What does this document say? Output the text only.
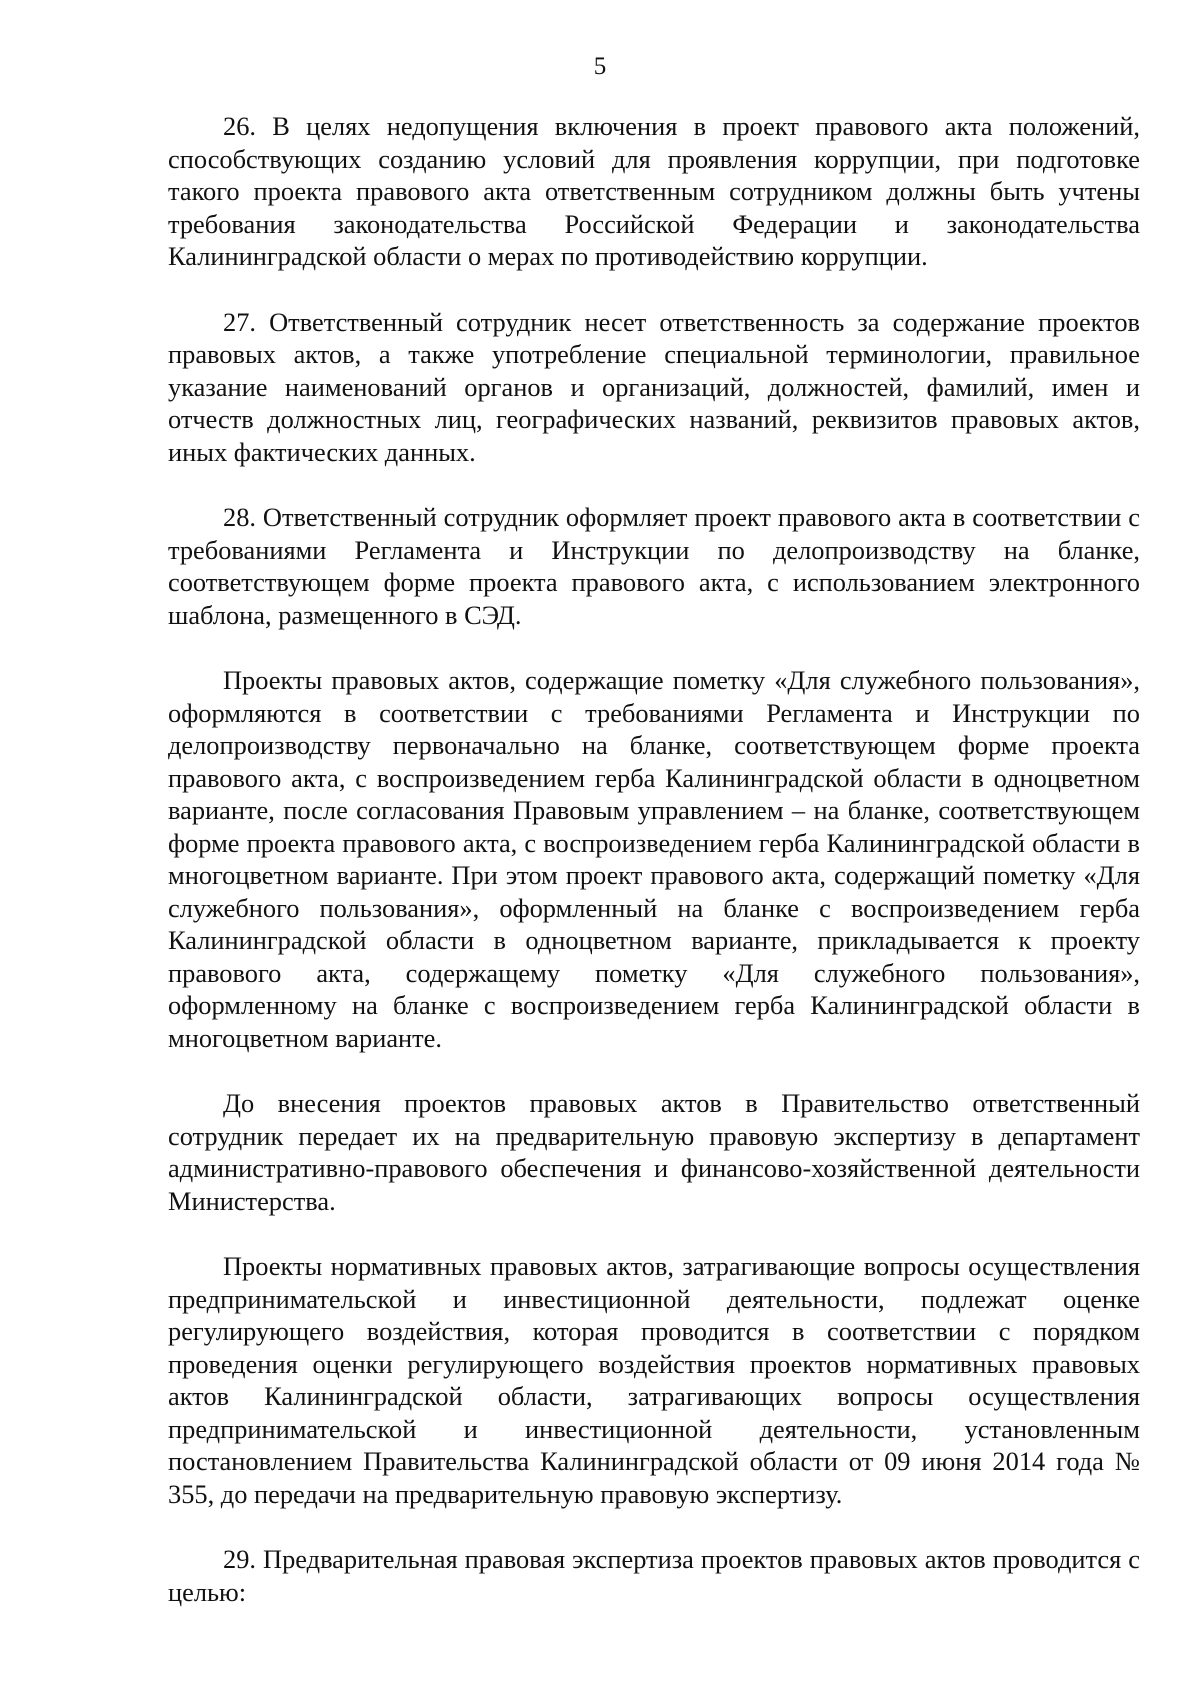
5

26. В целях недопущения включения в проект правового акта положений, способствующих созданию условий для проявления коррупции, при подготовке такого проекта правового акта ответственным сотрудником должны быть учтены требования законодательства Российской Федерации и законодательства Калининградской области о мерах по противодействию коррупции.

27. Ответственный сотрудник несет ответственность за содержание проектов правовых актов, а также употребление специальной терминологии, правильное указание наименований органов и организаций, должностей, фамилий, имен и отчеств должностных лиц, географических названий, реквизитов правовых актов, иных фактических данных.

28. Ответственный сотрудник оформляет проект правового акта в соответствии с требованиями Регламента и Инструкции по делопроизводству на бланке, соответствующем форме проекта правового акта, с использованием электронного шаблона, размещенного в СЭД.

Проекты правовых актов, содержащие пометку «Для служебного пользования», оформляются в соответствии с требованиями Регламента и Инструкции по делопроизводству первоначально на бланке, соответствующем форме проекта правового акта, с воспроизведением герба Калининградской области в одноцветном варианте, после согласования Правовым управлением – на бланке, соответствующем форме проекта правового акта, с воспроизведением герба Калининградской области в многоцветном варианте. При этом проект правового акта, содержащий пометку «Для служебного пользования», оформленный на бланке с воспроизведением герба Калининградской области в одноцветном варианте, прикладывается к проекту правового акта, содержащему пометку «Для служебного пользования», оформленному на бланке с воспроизведением герба Калининградской области в многоцветном варианте.

До внесения проектов правовых актов в Правительство ответственный сотрудник передает их на предварительную правовую экспертизу в департамент административно-правового обеспечения и финансово-хозяйственной деятельности Министерства.

Проекты нормативных правовых актов, затрагивающие вопросы осуществления предпринимательской и инвестиционной деятельности, подлежат оценке регулирующего воздействия, которая проводится в соответствии с порядком проведения оценки регулирующего воздействия проектов нормативных правовых актов Калининградской области, затрагивающих вопросы осуществления предпринимательской и инвестиционной деятельности, установленным постановлением Правительства Калининградской области от 09 июня 2014 года № 355, до передачи на предварительную правовую экспертизу.

29. Предварительная правовая экспертиза проектов правовых актов проводится с целью:
